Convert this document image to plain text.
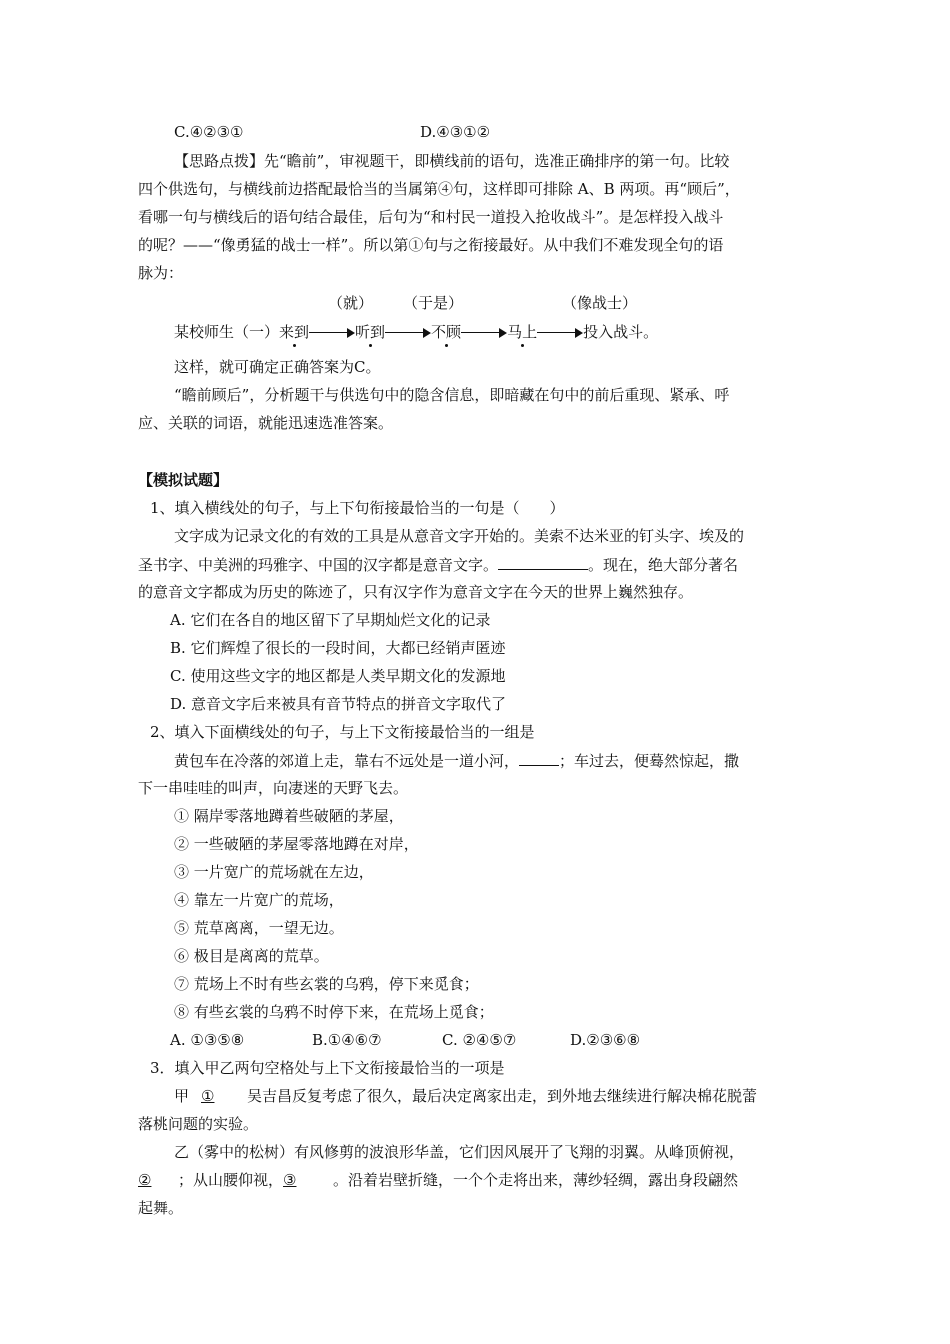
C.④②③①	D.④③①②
【思路点拨】先“瞻前”，审视题干，即横线前的语句，选准正确排序的第一句。比较
四个供选句，与横线前边搭配最恰当的当属第④句，这样即可排除 A、B 两项。再“顾后”，
看哪一句与横线后的语句结合最佳，后句为“和村民一道投入抢收战斗”。是怎样投入战斗
的呢？——“像勇猛的战士一样”。所以第①句与之衔接最好。从中我们不难发现全句的语
脉为：
（就） （于是）	（像战士）
某校师生（一）来到	听到	不顾	马上	投入战斗。
这样，就可确定正确答案为C。
“瞻前顾后”，分析题干与供选句中的隐含信息，即暗藏在句中的前后重现、紧承、呼
应、关联的词语，就能迅速选准答案。
【模拟试题】
1、填入横线处的句子，与上下句衔接最恰当的一句是（　　）
文字成为记录文化的有效的工具是从意音文字开始的。美索不达米亚的钉头字、埃及的
圣书字、中美洲的玛雅字、中国的汉字都是意音文字。	。现在，绝大部分著名
的意音文字都成为历史的陈迹了，只有汉字作为意音文字在今天的世界上巍然独存。
A. 它们在各自的地区留下了早期灿烂文化的记录
B. 它们辉煌了很长的一段时间，大都已经销声匿迹
C. 使用这些文字的地区都是人类早期文化的发源地
D. 意音文字后来被具有音节特点的拼音文字取代了
2、填入下面横线处的句子，与上下文衔接最恰当的一组是
黄包车在冷落的郊道上走，靠右不远处是一道小河，	；车过去，便蓦然惊起，撒
下一串哇哇的叫声，向凄迷的天野飞去。
① 隔岸零落地蹲着些破陋的茅屋，
② 一些破陋的茅屋零落地蹲在对岸，
③ 一片宽广的荒场就在左边，
④ 靠左一片宽广的荒场，
⑤ 荒草离离，一望无边。
⑥ 极目是离离的荒草。
⑦ 荒场上不时有些玄裳的乌鸦，停下来觅食；
⑧ 有些玄裳的乌鸦不时停下来，在荒场上觅食；
A. ①③⑤⑧	B.①④⑥⑦	C. ②④⑤⑦	D.②③⑥⑧
3．填入甲乙两句空格处与上下文衔接最恰当的一项是
甲 ① 吴吉昌反复考虑了很久，最后决定离家出走，到外地去继续进行解决棉花脱蕾
落桃问题的实验。
乙（雾中的松树）有风修剪的波浪形华盖，它们因风展开了飞翔的羽翼。从峰顶俯视，
② ；从山腰仰视，③ 。沿着岩壁折缝，一个个走将出来，薄纱轻绸，露出身段翩然
起舞。
